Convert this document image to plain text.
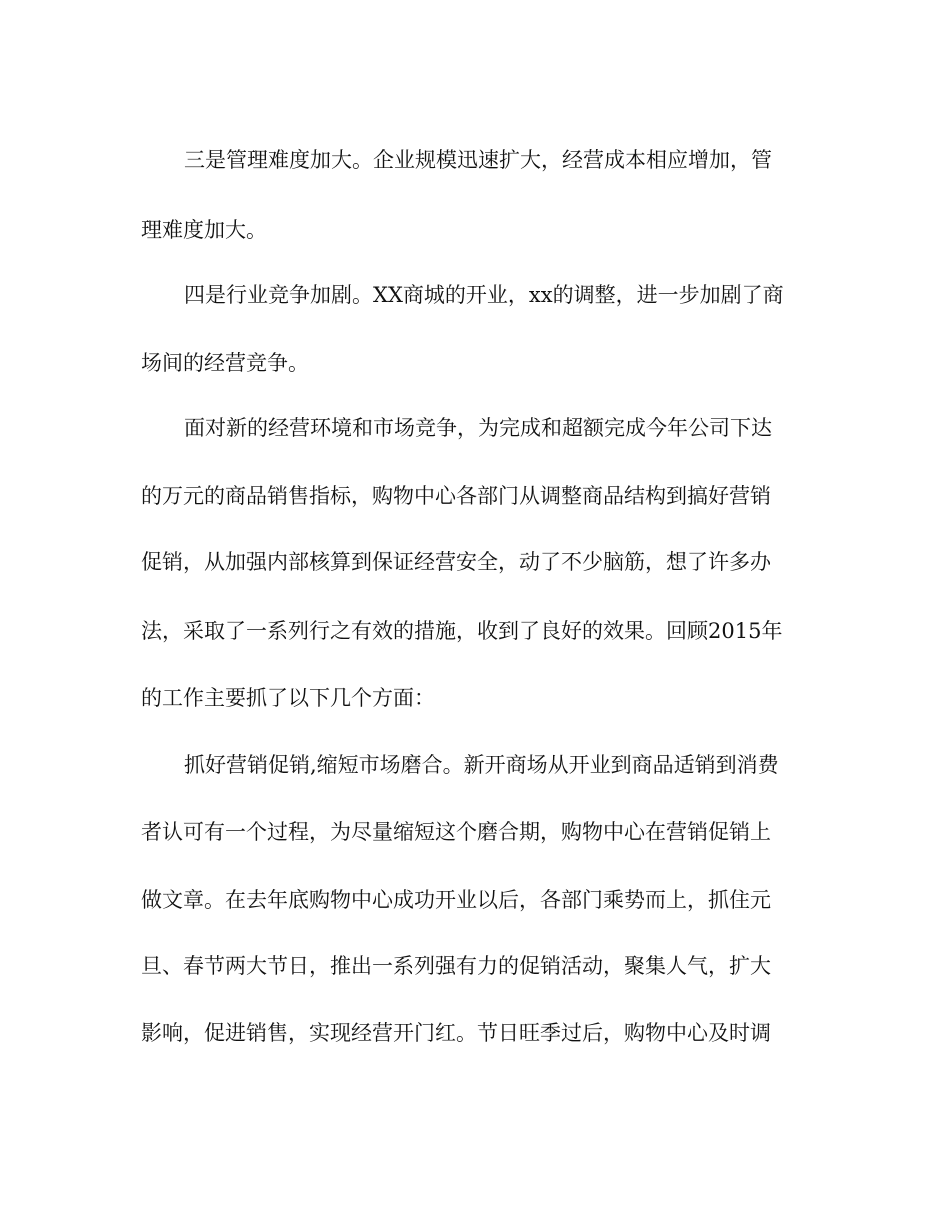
三是管理难度加大。企业规模迅速扩大，经营成本相应增加，管
理难度加大。
四是行业竞争加剧。XX商城的开业，xx的调整，进一步加剧了商
场间的经营竞争。
面对新的经营环境和市场竞争，为完成和超额完成今年公司下达
的万元的商品销售指标，购物中心各部门从调整商品结构到搞好营销
促销，从加强内部核算到保证经营安全，动了不少脑筋，想了许多办
法，采取了一系列行之有效的措施，收到了良好的效果。回顾2015年
的工作主要抓了以下几个方面：
抓好营销促销,缩短市场磨合。新开商场从开业到商品适销到消费
者认可有一个过程，为尽量缩短这个磨合期，购物中心在营销促销上
做文章。在去年底购物中心成功开业以后，各部门乘势而上，抓住元
旦、春节两大节日，推出一系列强有力的促销活动，聚集人气，扩大
影响，促进销售，实现经营开门红。节日旺季过后，购物中心及时调
